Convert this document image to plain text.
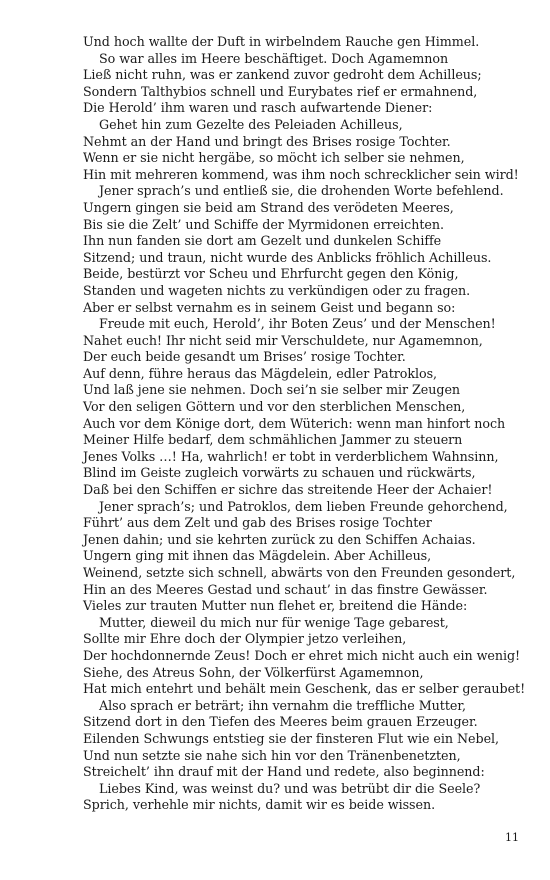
Und hoch wallte der Duft in wirbelndem Rauche gen Himmel.
So war alles im Heere beschäftiget. Doch Agamemnon
Ließ nicht ruhn, was er zankend zuvor gedroht dem Achilleus;
Sondern Talthybios schnell und Eurybates rief er ermahnend,
Die Herold’ ihm waren und rasch aufwartende Diener:
Gehet hin zum Gezelte des Peleiaden Achilleus,
Nehmt an der Hand und bringt des Brises rosige Tochter.
Wenn er sie nicht hergäbe, so möcht ich selber sie nehmen,
Hin mit mehreren kommend, was ihm noch schrecklicher sein wird!
Jener sprach’s und entließ sie, die drohenden Worte befehlend.
Ungern gingen sie beid am Strand des verödeten Meeres,
Bis sie die Zelt’ und Schiffe der Myrmidonen erreichten.
Ihn nun fanden sie dort am Gezelt und dunkelen Schiffe
Sitzend; und traun, nicht wurde des Anblicks fröhlich Achilleus.
Beide, bestürzt vor Scheu und Ehrfurcht gegen den König,
Standen und wageten nichts zu verkündigen oder zu fragen.
Aber er selbst vernahm es in seinem Geist und begann so:
Freude mit euch, Herold’, ihr Boten Zeus’ und der Menschen!
Nahet euch! Ihr nicht seid mir Verschuldete, nur Agamemnon,
Der euch beide gesandt um Brises’ rosige Tochter.
Auf denn, führe heraus das Mägdelein, edler Patroklos,
Und laß jene sie nehmen. Doch sei’n sie selber mir Zeugen
Vor den seligen Göttern und vor den sterblichen Menschen,
Auch vor dem Könige dort, dem Wüterich: wenn man hinfort noch
Meiner Hilfe bedarf, dem schmählichen Jammer zu steuern
Jenes Volks …! Ha, wahrlich! er tobt in verderblichem Wahnsinn,
Blind im Geiste zugleich vorwärts zu schauen und rückwärts,
Daß bei den Schiffen er sichre das streitende Heer der Achaier!
Jener sprach’s; und Patroklos, dem lieben Freunde gehorchend,
Führt’ aus dem Zelt und gab des Brises rosige Tochter
Jenen dahin; und sie kehrten zurück zu den Schiffen Achaias.
Ungern ging mit ihnen das Mägdelein. Aber Achilleus,
Weinend, setzte sich schnell, abwärts von den Freunden gesondert,
Hin an des Meeres Gestad und schaut’ in das finstre Gewässer.
Vieles zur trauten Mutter nun flehet er, breitend die Hände:
Mutter, dieweil du mich nur für wenige Tage gebarest,
Sollte mir Ehre doch der Olympier jetzo verleihen,
Der hochdonnernde Zeus! Doch er ehret mich nicht auch ein wenig!
Siehe, des Atreus Sohn, der Völkerfürst Agamemnon,
Hat mich entehrt und behält mein Geschenk, das er selber geraubet!
Also sprach er beträrt; ihn vernahm die treffliche Mutter,
Sitzend dort in den Tiefen des Meeres beim grauen Erzeuger.
Eilenden Schwungs entstieg sie der finsteren Flut wie ein Nebel,
Und nun setzte sie nahe sich hin vor den Tränenbenetzten,
Streichelt’ ihn drauf mit der Hand und redete, also beginnend:
Liebes Kind, was weinst du? und was betrübt dir die Seele?
Sprich, verhehle mir nichts, damit wir es beide wissen.
11
